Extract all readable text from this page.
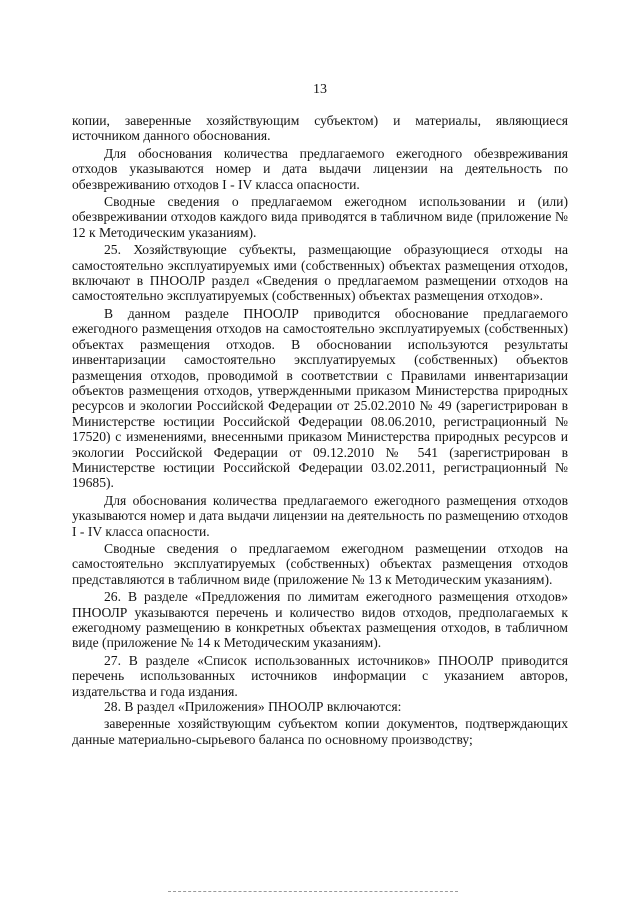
13

копии, заверенные хозяйствующим субъектом) и материалы, являющиеся источником данного обоснования.

Для обоснования количества предлагаемого ежегодного обезвреживания отходов указываются номер и дата выдачи лицензии на деятельность по обезвреживанию отходов I - IV класса опасности.

Сводные сведения о предлагаемом ежегодном использовании и (или) обезвреживании отходов каждого вида приводятся в табличном виде (приложение № 12 к Методическим указаниям).

25. Хозяйствующие субъекты, размещающие образующиеся отходы на самостоятельно эксплуатируемых ими (собственных) объектах размещения отходов, включают в ПНООЛР раздел «Сведения о предлагаемом размещении отходов на самостоятельно эксплуатируемых (собственных) объектах размещения отходов».

В данном разделе ПНООЛР приводится обоснование предлагаемого ежегодного размещения отходов на самостоятельно эксплуатируемых (собственных) объектах размещения отходов. В обосновании используются результаты инвентаризации самостоятельно эксплуатируемых (собственных) объектов размещения отходов, проводимой в соответствии с Правилами инвентаризации объектов размещения отходов, утвержденными приказом Министерства природных ресурсов и экологии Российской Федерации от 25.02.2010 № 49 (зарегистрирован в Министерстве юстиции Российской Федерации 08.06.2010, регистрационный № 17520) с изменениями, внесенными приказом Министерства природных ресурсов и экологии Российской Федерации от 09.12.2010 № 541 (зарегистрирован в Министерстве юстиции Российской Федерации 03.02.2011, регистрационный № 19685).

Для обоснования количества предлагаемого ежегодного размещения отходов указываются номер и дата выдачи лицензии на деятельность по размещению отходов I - IV класса опасности.

Сводные сведения о предлагаемом ежегодном размещении отходов на самостоятельно эксплуатируемых (собственных) объектах размещения отходов представляются в табличном виде (приложение № 13 к Методическим указаниям).

26. В разделе «Предложения по лимитам ежегодного размещения отходов» ПНООЛР указываются перечень и количество видов отходов, предполагаемых к ежегодному размещению в конкретных объектах размещения отходов, в табличном виде (приложение № 14 к Методическим указаниям).

27. В разделе «Список использованных источников» ПНООЛР приводится перечень использованных источников информации с указанием авторов, издательства и года издания.

28. В раздел «Приложения» ПНООЛР включаются:

заверенные хозяйствующим субъектом копии документов, подтверждающих данные материально-сырьевого баланса по основному производству;
